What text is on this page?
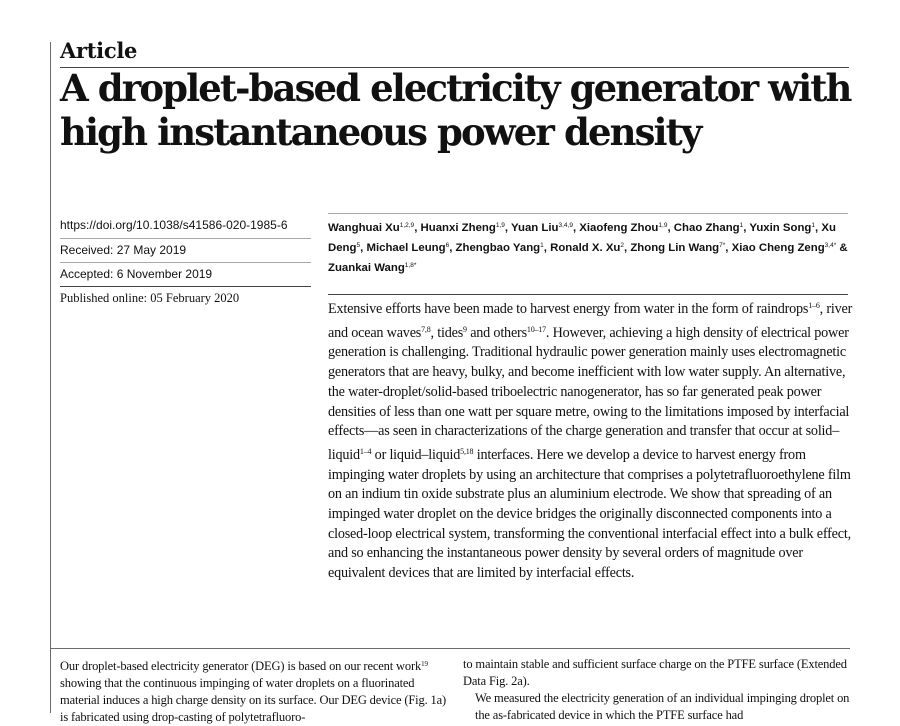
Article
A droplet-based electricity generator with
high instantaneous power density
https://doi.org/10.1038/s41586-020-1985-6
Received: 27 May 2019
Accepted: 6 November 2019
Published online: 05 February 2020
Wanghuai Xu$^{1,2,9}$, Huanxi Zheng$^{1,9}$, Yuan Liu$^{3,4,9}$, Xiaofeng Zhou$^{1,9}$, Chao Zhang$^1$, Yuxin Song$^1$, Xu Deng$^5$, Michael Leung$^6$, Zhengbao Yang$^1$, Ronald X. Xu$^2$, Zhong Lin Wang$^{7*}$, Xiao Cheng Zeng$^{3,4*}$ & Zuankai Wang$^{1,8*}$
Extensive efforts have been made to harvest energy from water in the form of raindrops$^{1-6}$, river and ocean waves$^{7,8}$, tides$^9$ and others$^{10-17}$. However, achieving a high density of electrical power generation is challenging. Traditional hydraulic power generation mainly uses electromagnetic generators that are heavy, bulky, and become inefficient with low water supply. An alternative, the water-droplet/solid-based triboelectric nanogenerator, has so far generated peak power densities of less than one watt per square metre, owing to the limitations imposed by interfacial effects—as seen in characterizations of the charge generation and transfer that occur at solid–liquid$^{1-4}$ or liquid–liquid$^{5,18}$ interfaces. Here we develop a device to harvest energy from impinging water droplets by using an architecture that comprises a polytetrafluoroethylene film on an indium tin oxide substrate plus an aluminium electrode. We show that spreading of an impinged water droplet on the device bridges the originally disconnected components into a closed-loop electrical system, transforming the conventional interfacial effect into a bulk effect, and so enhancing the instantaneous power density by several orders of magnitude over equivalent devices that are limited by interfacial effects.
Our droplet-based electricity generator (DEG) is based on our recent work$^{19}$ showing that the continuous impinging of water droplets on a fluorinated material induces a high charge density on its surface. Our DEG device (Fig. 1a) is fabricated using drop-casting of polytetrafluoro-
to maintain stable and sufficient surface charge on the PTFE surface (Extended Data Fig. 2a).
We measured the electricity generation of an individual impinging droplet on the as-fabricated device in which the PTFE surface had
